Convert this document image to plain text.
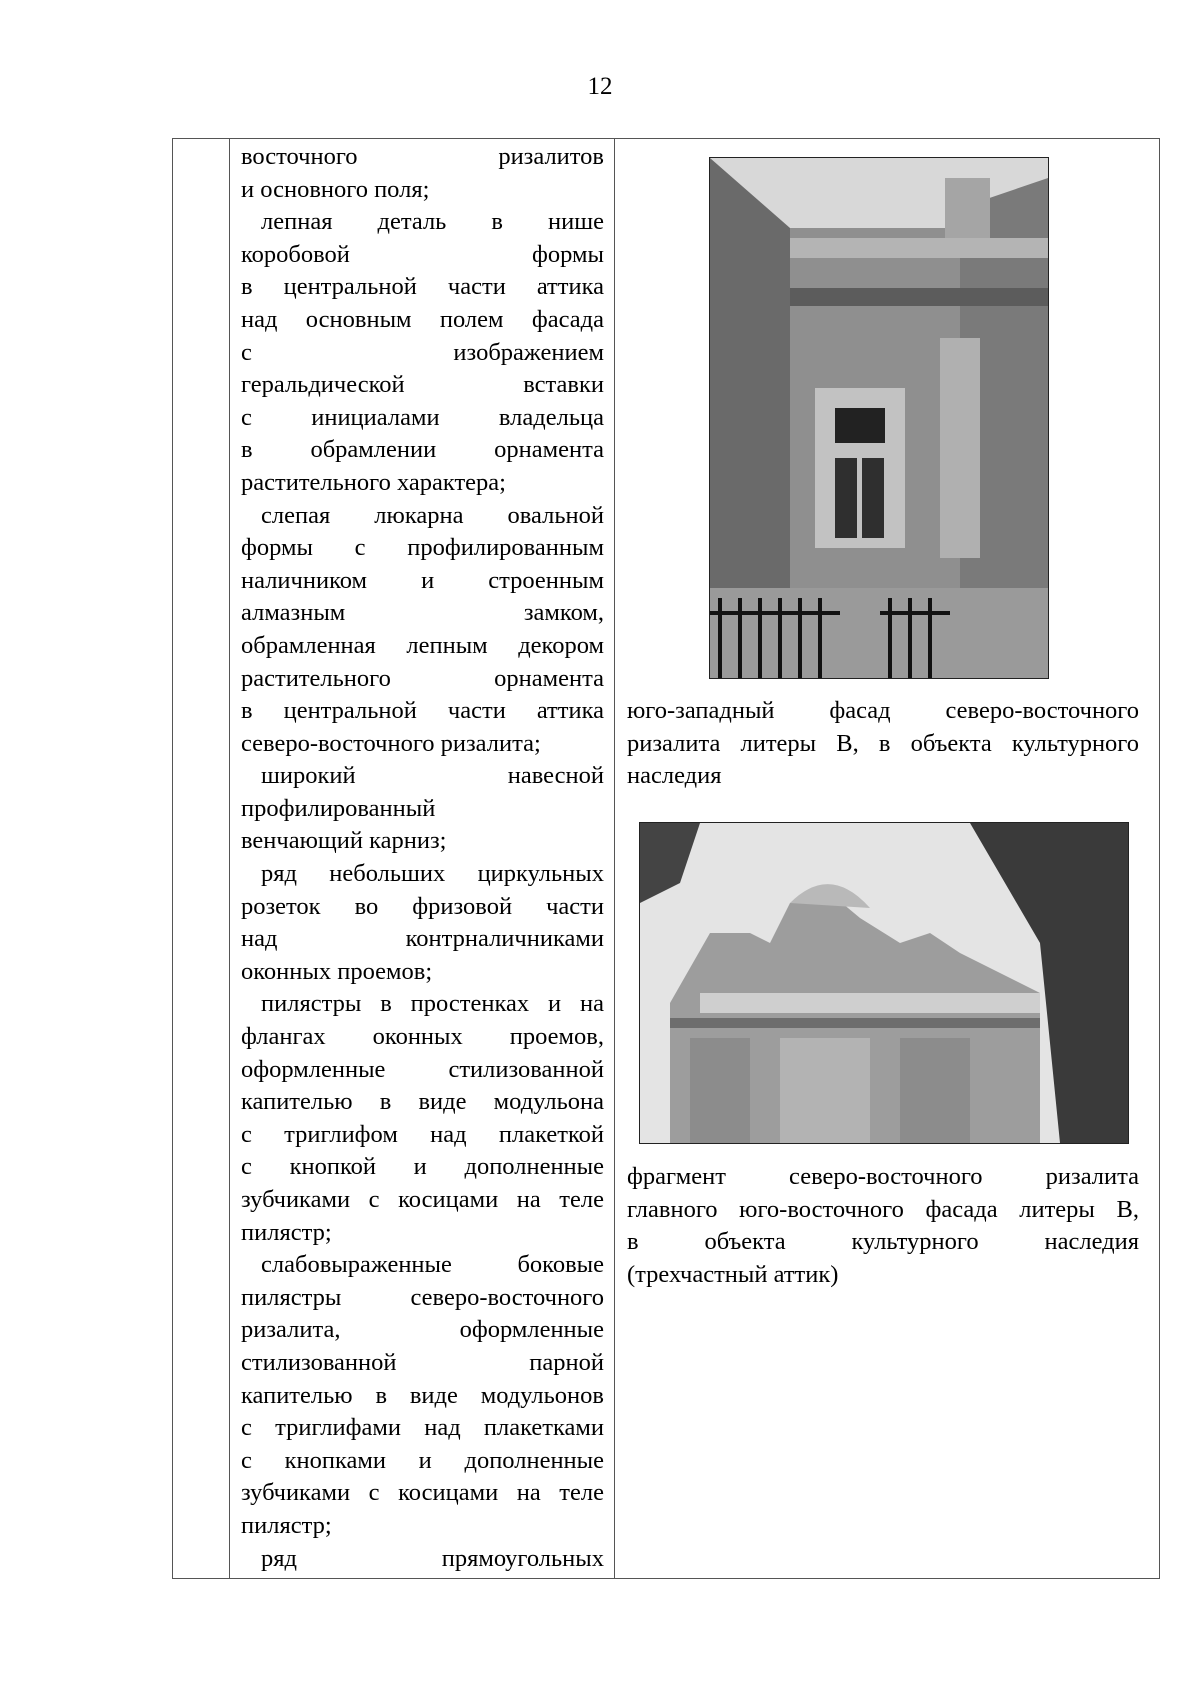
12
восточного ризалитов
и основного поля;
лепная деталь в нише
коробовой формы
в центральной части аттика
над основным полем фасада
с изображением
геральдической вставки
с инициалами владельца
в обрамлении орнамента
растительного характера;
слепая люкарна овальной
формы с профилированным
наличником и строенным
алмазным замком,
обрамленная лепным декором
растительного орнамента
в центральной части аттика
северо-восточного ризалита;
широкий навесной
профилированный
венчающий карниз;
ряд небольших циркульных
розеток во фризовой части
над контрналичниками
оконных проемов;
пилястры в простенках и на
флангах оконных проемов,
оформленные стилизованной
капителью в виде модульона
с триглифом над плакеткой
с кнопкой и дополненные
зубчиками с косицами на теле
пилястр;
слабовыраженные боковые
пилястры северо-восточного
ризалита, оформленные
стилизованной парной
капителью в виде модульонов
с триглифами над плакетками
с кнопками и дополненные
зубчиками с косицами на теле
пилястр;
ряд прямоугольных
юго-западный фасад северо-восточного
ризалита литеры В, в объекта культурного
наследия
фрагмент северо-восточного ризалита
главного юго-восточного фасада литеры В,
в объекта культурного наследия
(трехчастный аттик)
